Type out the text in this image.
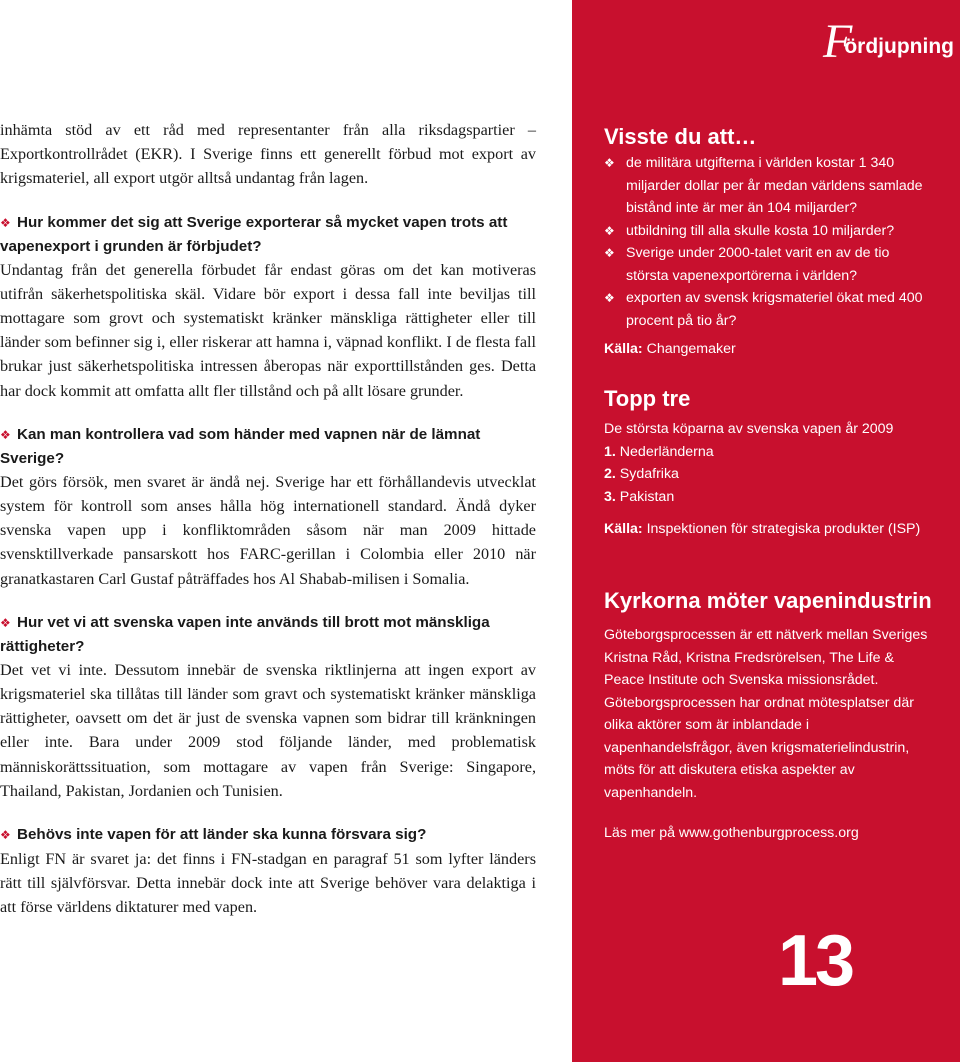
inhämta stöd av ett råd med representanter från alla riksdagspartier – Exportkontrollrådet (EKR). I Sverige finns ett generellt förbud mot export av krigsmateriel, all export utgör alltså undantag från lagen.

❖ Hur kommer det sig att Sverige exporterar så mycket vapen trots att vapenexport i grunden är förbjudet?

Undantag från det generella förbudet får endast göras om det kan motiveras utifrån säkerhetspolitiska skäl. Vidare bör export i dessa fall inte beviljas till mottagare som grovt och systematiskt kränker mänskliga rättigheter eller till länder som befinner sig i, eller riskerar att hamna i, väpnad konflikt. I de flesta fall brukar just säkerhetspolitiska intressen åberopas när exporttillstånden ges. Detta har dock kommit att omfatta allt fler tillstånd och på allt lösare grunder.

❖ Kan man kontrollera vad som händer med vapnen när de lämnat Sverige?

Det görs försök, men svaret är ändå nej. Sverige har ett förhållandevis utvecklat system för kontroll som anses hålla hög internationell standard. Ändå dyker svenska vapen upp i konfliktområden såsom när man 2009 hittade svensktillverkade pansarskott hos FARC-gerillan i Colombia eller 2010 när granatkastaren Carl Gustaf påträffades hos Al Shabab-milisen i Somalia.

❖ Hur vet vi att svenska vapen inte används till brott mot mänskliga rättigheter?

Det vet vi inte. Dessutom innebär de svenska riktlinjerna att ingen export av krigsmateriel ska tillåtas till länder som gravt och systematiskt kränker mänskliga rättigheter, oavsett om det är just de svenska vapnen som bidrar till kränkningen eller inte. Bara under 2009 stod följande länder, med problematisk människorättssituation, som mottagare av vapen från Sverige: Singapore, Thailand, Pakistan, Jordanien och Tunisien.

❖ Behövs inte vapen för att länder ska kunna försvara sig?

Enligt FN är svaret ja: det finns i FN-stadgan en paragraf 51 som lyfter länders rätt till självförsvar. Detta innebär dock inte att Sverige behöver vara delaktiga i att förse världens diktaturer med vapen.

Fördjupning

Visste du att…

❖ de militära utgifterna i världen kostar 1 340 miljarder dollar per år medan världens samlade bistånd inte är mer än 104 miljarder?
❖ utbildning till alla skulle kosta 10 miljarder?
❖ Sverige under 2000-talet varit en av de tio största vapenexportörerna i världen?
❖ exporten av svensk krigsmateriel ökat med 400 procent på tio år?

Källa: Changemaker

Topp tre

De största köparna av svenska vapen år 2009

1. Nederländerna

2. Sydafrika

3. Pakistan

Källa: Inspektionen för strategiska produkter (ISP)

Kyrkorna möter vapenindustrin

Göteborgsprocessen är ett nätverk mellan Sveriges Kristna Råd, Kristna Fredsrörelsen, The Life & Peace Institute och Svenska missionsrådet. Göteborgsprocessen har ordnat mötesplatser där olika aktörer som är inblandade i vapenhandelsfrågor, även krigsmaterielindustrin, möts för att diskutera etiska aspekter av vapenhandeln.

Läs mer på www.gothenburgprocess.org

13
